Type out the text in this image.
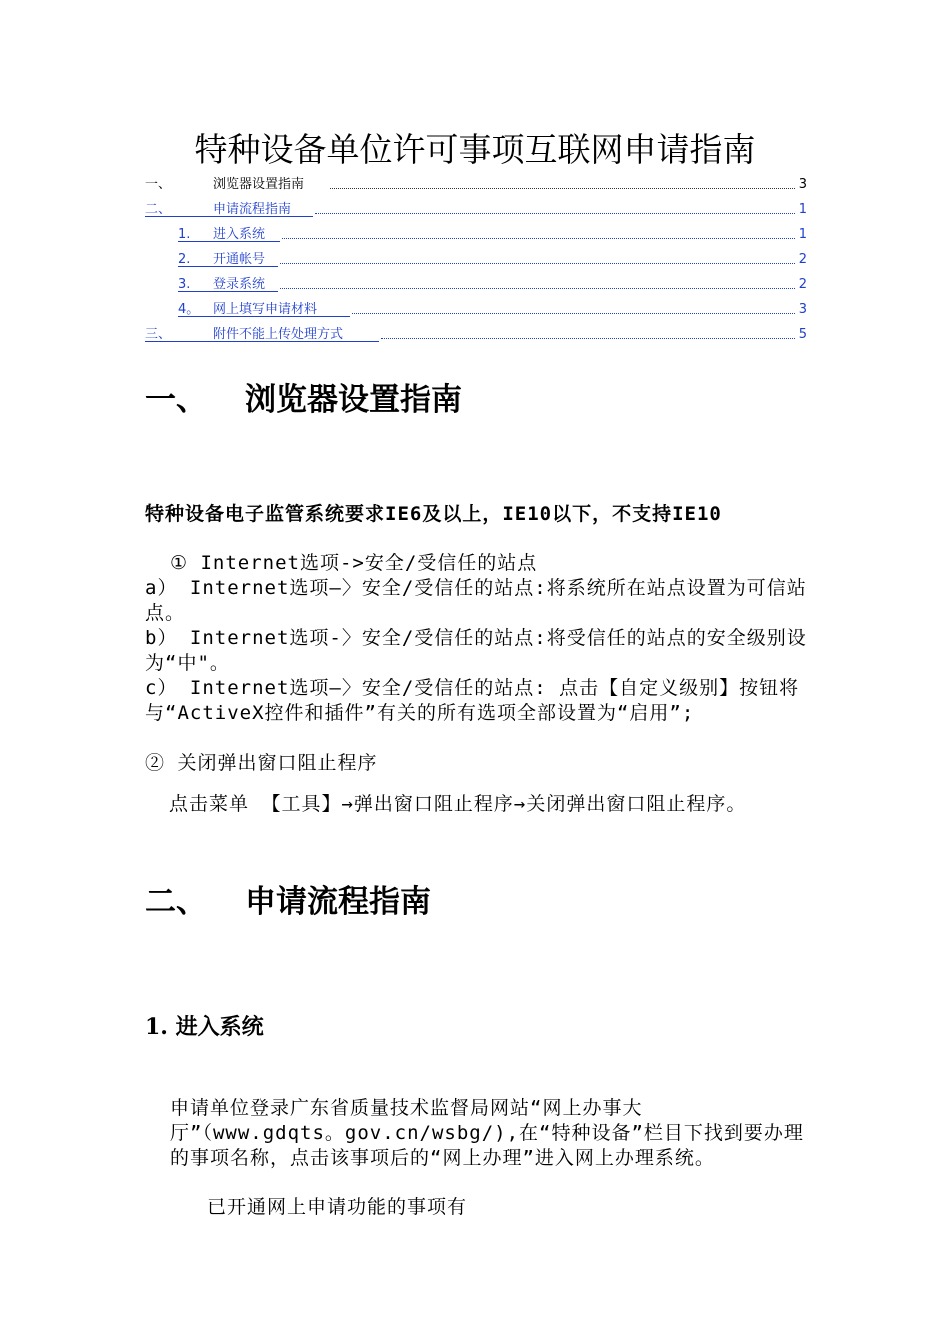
特种设备单位许可事项互联网申请指南
一、	浏览器设置指南	3
二、	申请流程指南	1
1. 进入系统	1
2. 开通帐号	2
3. 登录系统	2
4。 网上填写申请材料	3
三、	附件不能上传处理方式	5
一、 浏览器设置指南

特种设备电子监管系统要求IE6及以上，IE10以下，不支持IE10

① Internet选项->安全/受信任的站点

a） Internet选项—〉安全/受信任的站点:将系统所在站点设置为可信站点。

b） Internet选项-〉安全/受信任的站点:将受信任的站点的安全级别设为“中"。

c） Internet选项—〉安全/受信任的站点: 点击【自定义级别】按钮将与“ActiveX控件和插件”有关的所有选项全部设置为“启用”;

② 关闭弹出窗口阻止程序

点击菜单 【工具】→弹出窗口阻止程序→关闭弹出窗口阻止程序。

二、 申请流程指南
1. 进入系统

申请单位登录广东省质量技术监督局网站“网上办事大厅”（www.gdqts。gov.cn/wsbg/),在“特种设备”栏目下找到要办理的事项名称，点击该事项后的“网上办理”进入网上办理系统。

已开通网上申请功能的事项有
